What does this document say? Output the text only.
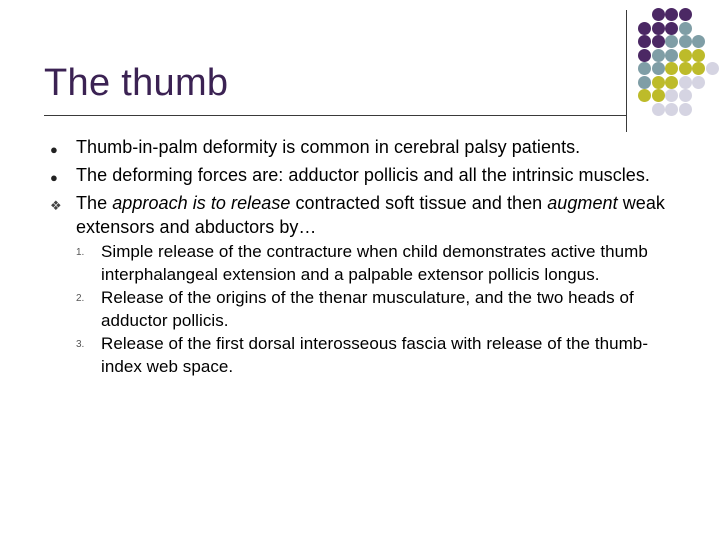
The thumb
●	Thumb-in-palm deformity is common in cerebral palsy patients.
●	The deforming forces are: adductor pollicis and all the intrinsic muscles.
❖ The approach is to release contracted soft tissue and then augment weak extensors and abductors by…
1. Simple release of the contracture when child demonstrates active thumb interphalangeal extension and a palpable extensor pollicis longus.
2. Release of the origins of the thenar musculature, and the two heads of adductor pollicis.
3. Release of the first dorsal interosseous fascia with release of the thumb-index web space.
